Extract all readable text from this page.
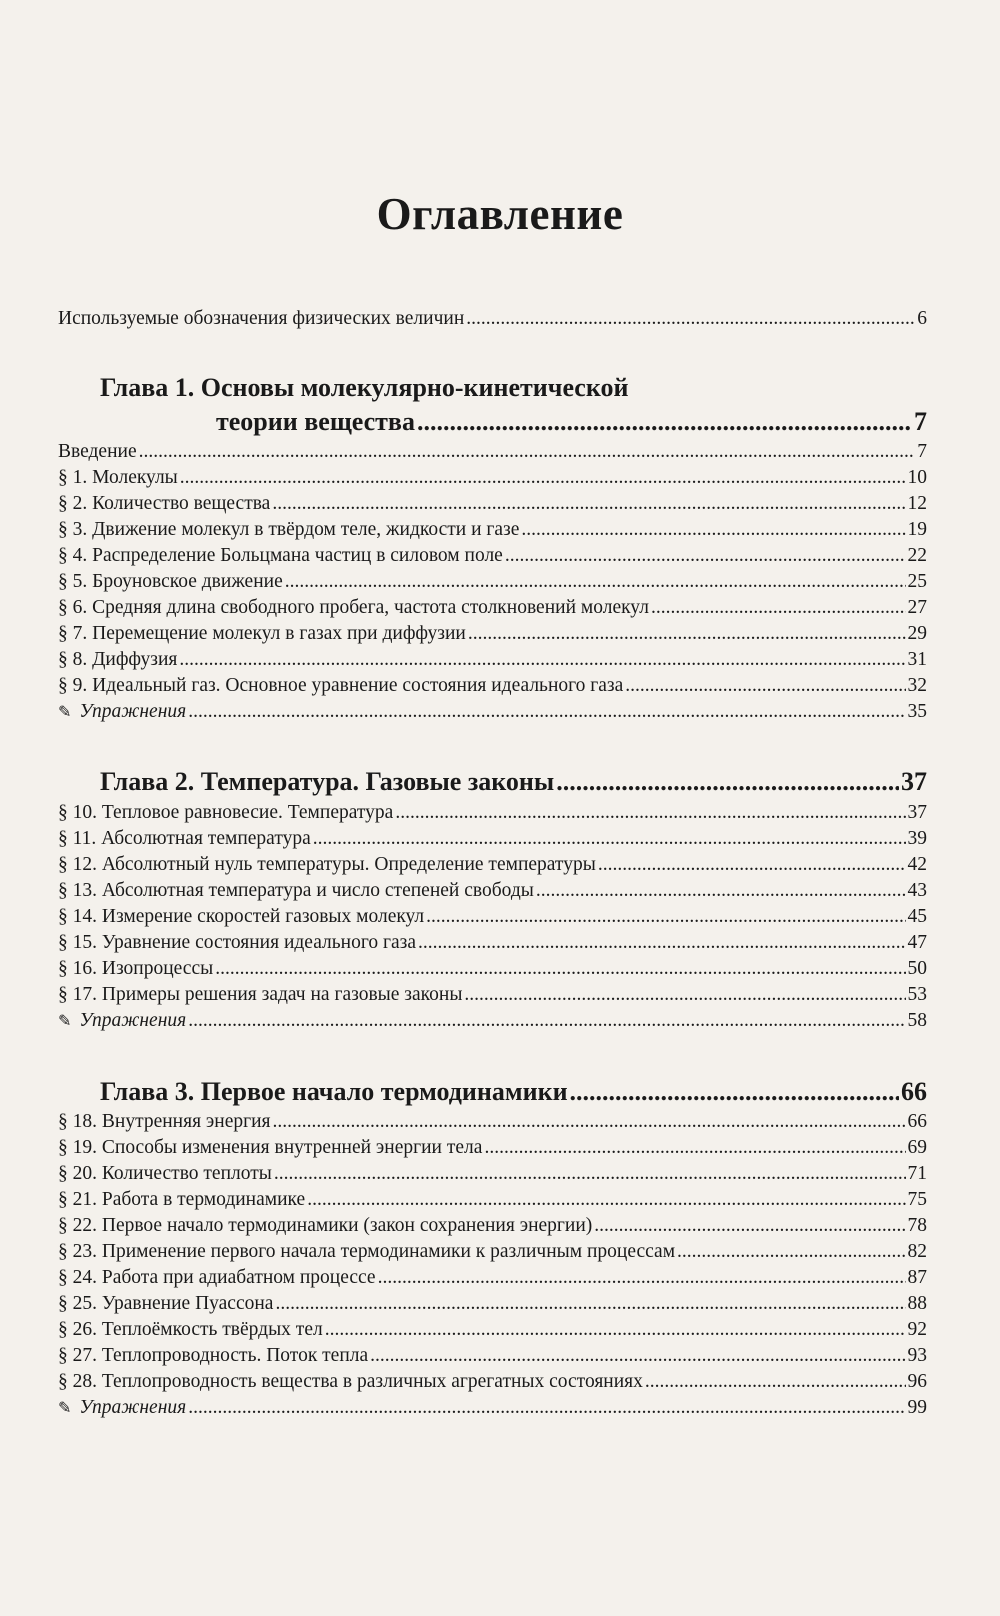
Оглавление
Используемые обозначения физических величин .....	6
Глава 1. Основы молекулярно-кинетической
теории вещества .....	7
Введение .....	7
§ 1. Молекулы .....	10
§ 2. Количество вещества .....	12
§ 3. Движение молекул в твёрдом теле, жидкости и газе .....	19
§ 4. Распределение Больцмана частиц в силовом поле .....	22
§ 5. Броуновское движение .....	25
§ 6. Средняя длина свободного пробега, частота столкновений молекул .....	27
§ 7. Перемещение молекул в газах при диффузии .....	29
§ 8. Диффузия .....	31
§ 9. Идеальный газ. Основное уравнение состояния идеального газа .....	32
✎ Упражнения .....	35
Глава 2. Температура. Газовые законы .....	37
§ 10. Тепловое равновесие. Температура .....	37
§ 11. Абсолютная температура .....	39
§ 12. Абсолютный нуль температуры. Определение температуры .....	42
§ 13. Абсолютная температура и число степеней свободы .....	43
§ 14. Измерение скоростей газовых молекул .....	45
§ 15. Уравнение состояния идеального газа .....	47
§ 16. Изопроцессы .....	50
§ 17. Примеры решения задач на газовые законы .....	53
✎ Упражнения .....	58
Глава 3. Первое начало термодинамики .....	66
§ 18. Внутренняя энергия .....	66
§ 19. Способы изменения внутренней энергии тела .....	69
§ 20. Количество теплоты .....	71
§ 21. Работа в термодинамике .....	75
§ 22. Первое начало термодинамики (закон сохранения энергии) .....	78
§ 23. Применение первого начала термодинамики к различным процессам .....	82
§ 24. Работа при адиабатном процессе .....	87
§ 25. Уравнение Пуассона .....	88
§ 26. Теплоёмкость твёрдых тел .....	92
§ 27. Теплопроводность. Поток тепла .....	93
§ 28. Теплопроводность вещества в различных агрегатных состояниях .....	96
✎ Упражнения .....	99
